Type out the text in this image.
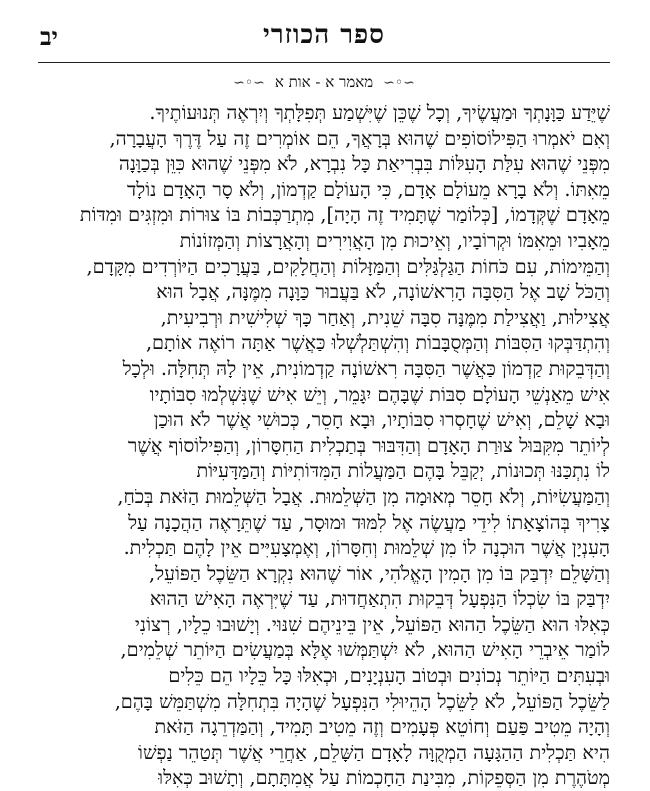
ספר הכוזרי
יב
∽◦∽
מאמר א - אות א
∽◦∽
שֶׁיֵּדַע כַּוָּנָתְךָ וּמַעֲשֶׂיךָ, וְכָל שֶׁכֵּן שֶׁיִּשְׁמַע תְּפִלָּתְךָ וְיִרְאֶה תְּנוּעוֹתֶיךָ.
וְאִם יֹאמְרוּ הַפִּילוֹסוֹפִים שֶׁהוּא בְּרָאֲךָ, הֵם אוֹמְרִים זֶה עַל דֶּרֶךְ הָעֲבָרָה,
מִפְּנֵי שֶׁהוּא עִלַּת הָעִלּוֹת בִּבְרִיאַת כָּל נִבְרָא, לֹא מִפְּנֵי שֶׁהוּא כִּוֵּן בְּכַוָּנָה
מֵאִתּוֹ. וְלֹא בָרָא מֵעוֹלָם אָדָם, כִּי הָעוֹלָם קַדְמוֹן, וְלֹא סָר הָאָדָם נוֹלָד
מֵאָדָם שֶׁקְּדָמוֹ, [כְּלוֹמַר שֶׁתָּמִיד זֶה הָיָה], מִתְרַכְּבוֹת בּוֹ צוּרוֹת וּמִזְגִּים וּמִדּוֹת
מֵאָבִיו וּמֵאִמּוֹ וּקְרוֹבָיו, וְאֵיכוּת מִן הָאֲוִירִים וְהָאֲרָצוֹת וְהַמְּזוֹנוֹת
וְהַמֵּימוֹת, עִם כֹּחוֹת הַגַּלְגַּלִּים וְהַמַּזָּלוֹת וְהַחֲלָקִים, בַּעֲרָכִים הַיּוֹרְדִים מִקָּדָם,
וְהַכֹּל שָׁב אֶל הַסִּבָּה הָרִאשׁוֹנָה, לֹא בַּעֲבוּר כַּוָּנָה מִמֶּנָּה, אֲבָל הוּא
אֲצִילוּת, וַאֲצִילַת מִמֶּנָּה סִבָּה שֵׁנִית, וְאַחַר כָּךְ שְׁלִישִׁית וּרְבִיעִית,
וְהִתְדַּבְּקוּ הַסִּבּוֹת וְהַמְּסֻבָּבוֹת וְהִשְׁתַּלְשְׁלוּ כַּאֲשֶׁר אַתָּה רוֹאֶה אוֹתָם,
וְהַדְּבֵקוּת קַדְמוֹן כַּאֲשֶׁר הַסִּבָּה רִאשׁוֹנָה קַדְמוֹנִית, אֵין לָהּ תְּחִלָּה. וּלְכָל
אִישׁ מֵאַנְשֵׁי הָעוֹלָם סִבּוֹת שֶׁבָּהֶם יִגָּמֵר, וְיֵשׁ אִישׁ שֶׁנִּשְׁלְמוּ סִבּוֹתָיו
וּבָא שָׁלֵם, וְאִישׁ שֶׁחָסְרוּ סִבּוֹתָיו, וּבָא חָסֵר, כְּכוּשִׁי אֲשֶׁר לֹא הוּכַן
לְיוֹתֵר מִקִּבּוּל צוּרַת הָאָדָם וְהַדִּבּוּר בְּתַכְלִית הַחִסָּרוֹן, וְהַפִּילוֹסוֹף אֲשֶׁר
לוֹ נִתְכַּנּוּ תְּכוּנוֹת, יְקַבֵּל בָּהֶם הַמַּעֲלוֹת הַמִּדּוֹתִיּוֹת וְהַמַּדָּעִיּוֹת
וְהַמַּעֲשִׂיּוֹת, וְלֹא חָסֵר מְאוּמָה מִן הַשְּׁלֵמוּת. אֲבָל הַשְּׁלֵמוּת הַזֹּאת בְּכֹחַ,
צָרִיךְ בְּהוֹצָאָתוֹ לִידֵי מַעֲשֶׂה אֶל לִמּוּד וּמוּסָר, עַד שֶׁתֵּרָאֶה הַהֲכָנָה עַל
הָעִנְיָן אֲשֶׁר הוּכְנָה לוֹ מִן שְׁלֵמוּת וְחִסָּרוֹן, וְאֶמְצָעִיִּים אֵין לָהֶם תַּכְלִית.
וְהַשָּׁלֵם יִדְבַּק בּוֹ מִן הָמִין הָאֱלֹהִי, אוֹר שֶׁהוּא נִקְרָא הַשֵּׂכֶל הַפּוֹעֵל,
יִדְבַּק בּוֹ שִׂכְלוֹ הַנִּפְעָל דְּבֵקוּת הִתְאַחֲדוּת, עַד שֶׁיִּרְאֶה הָאִישׁ הַהוּא
כְּאִלּוּ הוּא הַשֵּׂכֶל הַהוּא הַפּוֹעֵל, אֵין בֵּינֵיהֶם שִׁנּוּי. וְיָשׁוּבוּ כֵלָיו, רְצוֹנִי
לוֹמַר אֵיבְרֵי הָאִישׁ הַהוּא, לֹא יִשְׁתַּמְּשׁוּ אֶלָּא בְּמַעֲשִׂים הַיּוֹתֵר שְׁלֵמִים,
וּבְעִתִּים הַיּוֹתֵר נְכוֹנִים וּבְטוֹב הָעִנְיָנִים, וּכְאִלּוּ כָּל כֵּלָיו הֵם כֵּלִים
לַשֵּׂכֶל הַפּוֹעֵל, לֹא לַשֵּׂכֶל הָהֵיוּלִי הַנִּפְעָל שֶׁהָיָה בִּתְחִלָּה מִשְׁתַּמֵּשׁ בָּהֶם,
וְהָיָה מֵטִיב פַּעַם וְחוֹטֵא פְּעָמִים וְזֶה מֵטִיב תָּמִיד, וְהַמַּדְרֵגָה הַזֹּאת
הִיא תַּכְלִית הַהַגָּעָה הַמְקֻוָּה לָאָדָם הַשָּׁלֵם, אַחֲרֵי אֲשֶׁר תְּטַהֵר נַפְשׁוֹ
מְטֹהֶרֶת מִן הַסְּפֵקוֹת, מִבִּינַת הַחָכְמוֹת עַל אֲמִתָּתָם, וְתָשׁוּב כְּאִלּוּ
